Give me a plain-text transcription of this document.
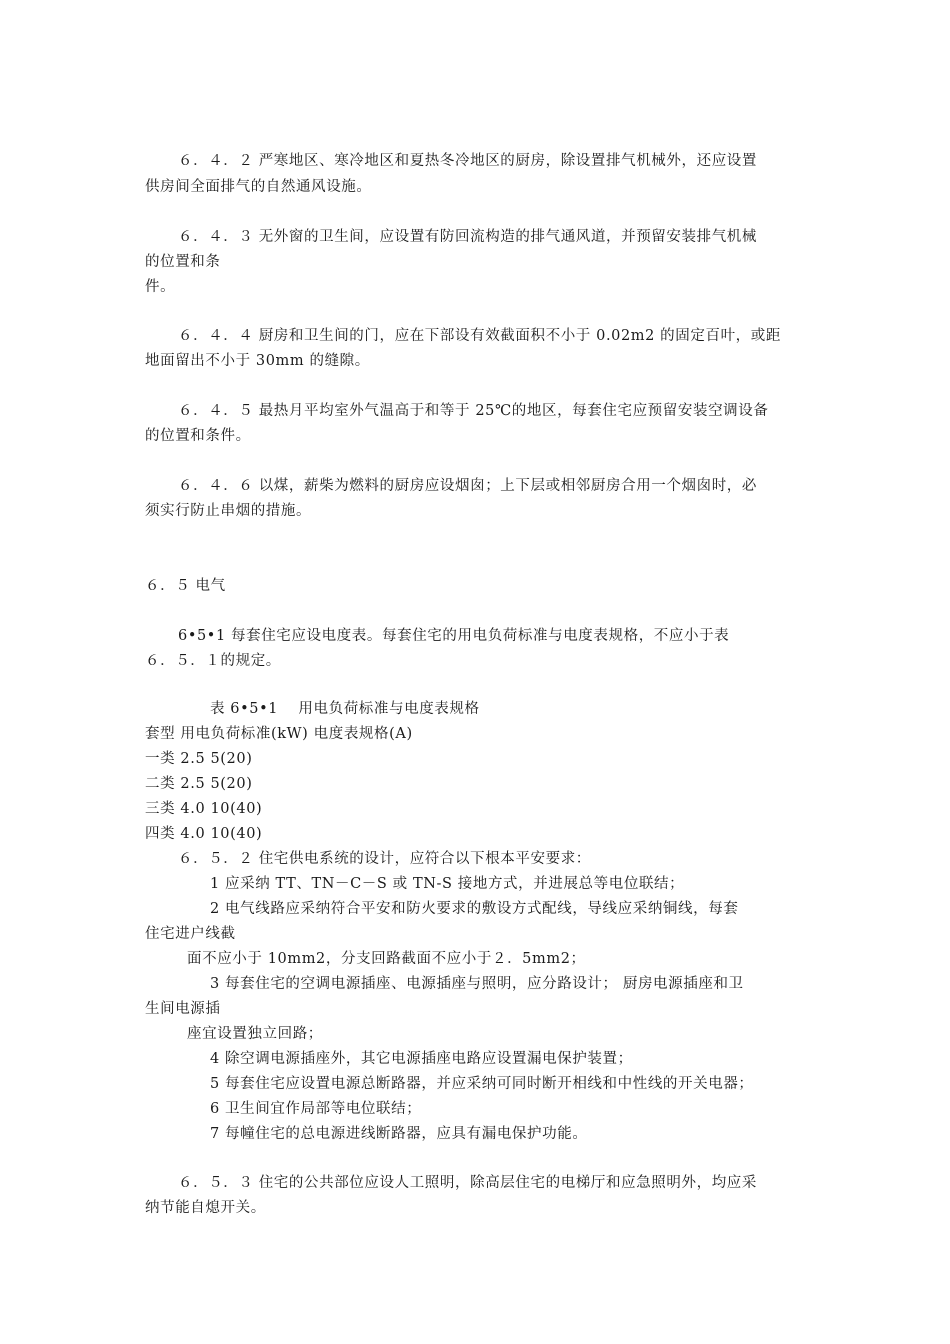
６．４．２ 严寒地区、寒冷地区和夏热冬冷地区的厨房，除设置排气机械外，还应设置
供房间全面排气的自然通风设施。
６．４．３ 无外窗的卫生间，应设置有防回流构造的排气通风道，并预留安装排气机械
的位置和条
件。
６．４．４ 厨房和卫生间的门，应在下部设有效截面积不小于 0.02m2 的固定百叶，或距
地面留出不小于 30mm 的缝隙。
６．４．５ 最热月平均室外气温高于和等于 25℃的地区，每套住宅应预留安装空调设备
的位置和条件。
６．４．６ 以煤，薪柴为燃料的厨房应设烟囱；上下层或相邻厨房合用一个烟囱时，必
须实行防止串烟的措施。
６．５ 电气
6•5•1 每套住宅应设电度表。每套住宅的用电负荷标准与电度表规格，不应小于表
６．５．１的规定。
表 6•5•1　 用电负荷标准与电度表规格
套型 用电负荷标准(kW) 电度表规格(A)
一类 2.5 5(20)
二类 2.5 5(20)
三类 4.0 10(40)
四类 4.0 10(40)
６．５．２ 住宅供电系统的设计，应符合以下根本平安要求：
1 应采纳 TT、TN－C－S 或 TN-S 接地方式，并进展总等电位联结；
2 电气线路应采纳符合平安和防火要求的敷设方式配线，导线应采纳铜线，每套
住宅进户线截
面不应小于 10mm2，分支回路截面不应小于２．5mm2；
3 每套住宅的空调电源插座、电源插座与照明，应分路设计； 厨房电源插座和卫
生间电源插
座宜设置独立回路；
4 除空调电源插座外，其它电源插座电路应设置漏电保护装置；
5 每套住宅应设置电源总断路器，并应采纳可同时断开相线和中性线的开关电器；
6 卫生间宜作局部等电位联结；
7 每幢住宅的总电源进线断路器，应具有漏电保护功能。
６．５．３ 住宅的公共部位应设人工照明，除高层住宅的电梯厅和应急照明外，均应采
纳节能自熄开关。
